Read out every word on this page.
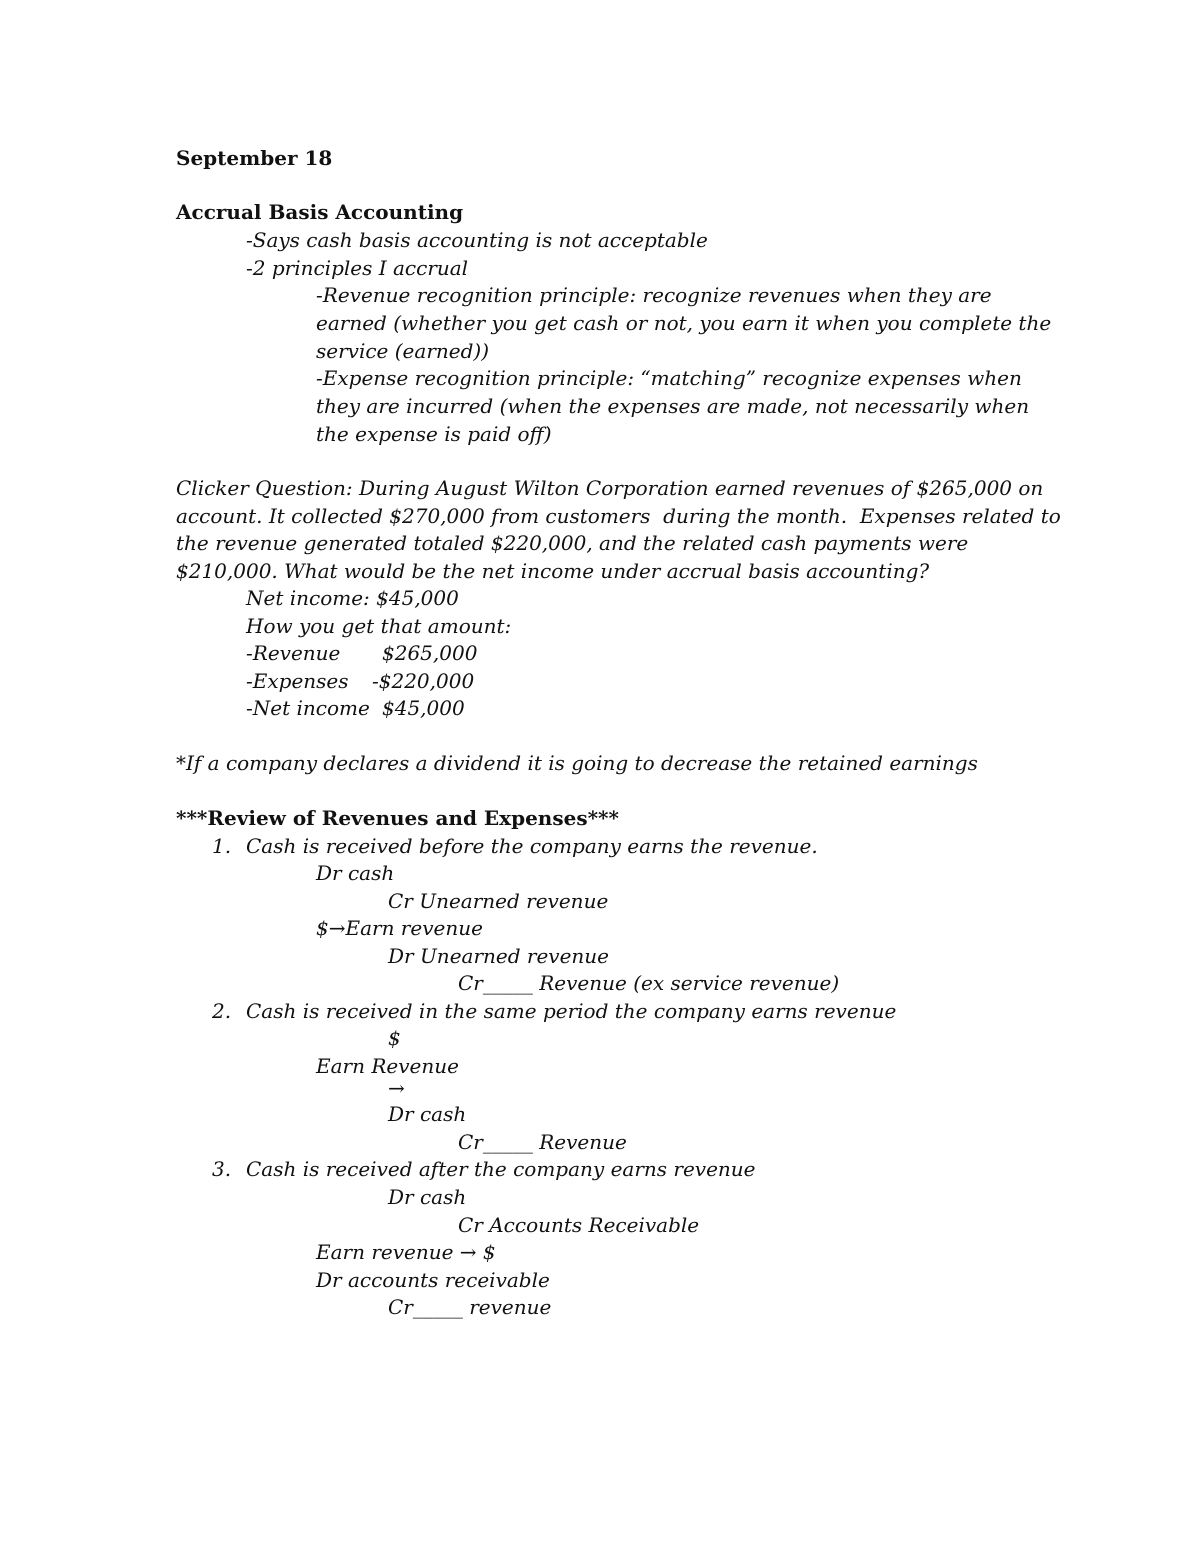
September 18

Accrual Basis Accounting

-Says cash basis accounting is not acceptable

-2 principles I accrual

-Revenue recognition principle: recognize revenues when they are

earned (whether you get cash or not, you earn it when you complete the

service (earned))

-Expense recognition principle: “matching” recognize expenses when

they are incurred (when the expenses are made, not necessarily when

the expense is paid off)

Clicker Question: During August Wilton Corporation earned revenues of $265,000 on

account. It collected $270,000 from customers  during the month.  Expenses related to

the revenue generated totaled $220,000, and the related cash payments were

$210,000. What would be the net income under accrual basis accounting?

Net income: $45,000

How you get that amount:

-Revenue $265,000

-Expenses -$220,000

-Net income $45,000

*If a company declares a dividend it is going to decrease the retained earnings

***Review of Revenues and Expenses***

1. Cash is received before the company earns the revenue.

Dr cash

Cr Unearned revenue

$→Earn revenue

Dr Unearned revenue

Cr_____ Revenue (ex service revenue)

2. Cash is received in the same period the company earns revenue

$

Earn Revenue

→

Dr cash

Cr_____ Revenue

3. Cash is received after the company earns revenue

Dr cash

Cr Accounts Receivable

Earn revenue → $

Dr accounts receivable

Cr_____ revenue
